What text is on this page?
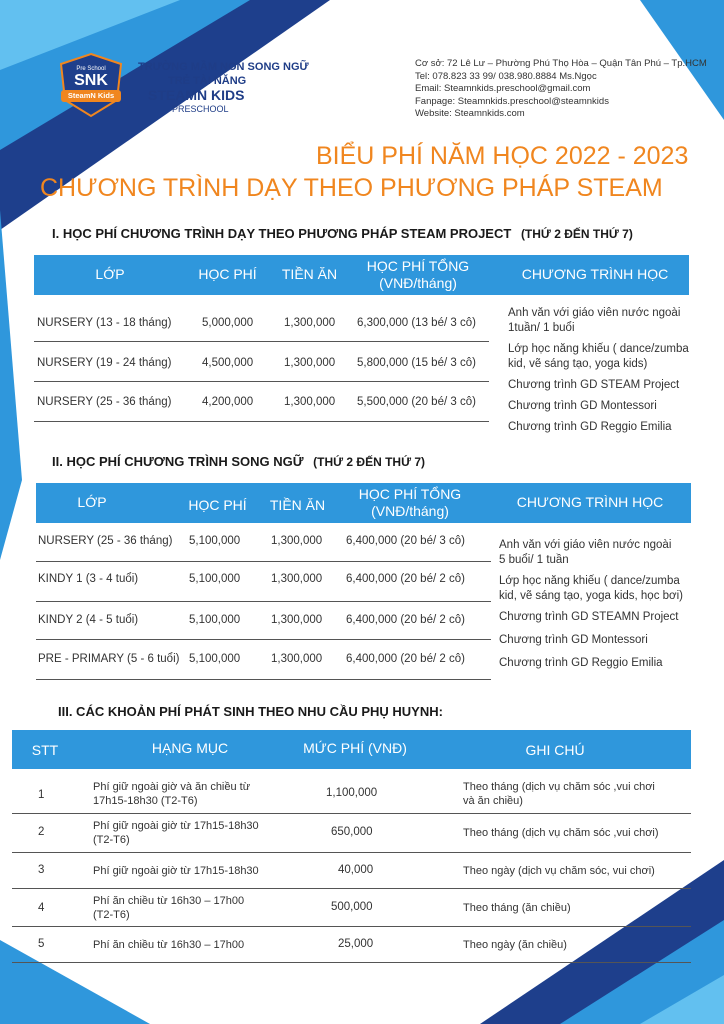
Pre School
SNK
SteamN Kids
TRƯỜNG MẦM NON SONG NGỮ
TRẺ TÀI NĂNG
STEAMN KIDS
PRESCHOOL
Cơ sở: 72 Lê Lư – Phường Phú Thọ Hòa – Quận Tân Phú – Tp.HCM
Tel: 078.823 33 99/ 038.980.8884 Ms.Ngọc
Email: Steamnkids.preschool@gmail.com
Fanpage: Steamnkids.preschool@steamnkids
Website: Steamnkids.com
BIỂU PHÍ NĂM HỌC 2022 - 2023
CHƯƠNG TRÌNH DẠY THEO PHƯƠNG PHÁP STEAM
I. HỌC PHÍ CHƯƠNG TRÌNH DẠY THEO PHƯƠNG PHÁP STEAM PROJECT (THỨ 2 ĐẾN THỨ 7)
LỚP	HỌC PHÍ	TIỀN ĂN	HỌC PHÍ TỔNG
(VNĐ/tháng)
CHƯƠNG TRÌNH HỌC
NURSERY (13 - 18 tháng)	5,000,000	1,300,000 6,300,000 (13 bé/ 3 cô)
NURSERY (19 - 24 tháng)	4,500,000	1,300,000 5,800,000 (15 bé/ 3 cô)
NURSERY (25 - 36 tháng)	4,200,000	1,300,000 5,500,000 (20 bé/ 3 cô)
Anh văn với giáo viên nước ngoài
1tuần/ 1 buổi
Lớp học năng khiếu ( dance/zumba
kid, vẽ sáng tạo, yoga kids)
Chương trình GD STEAM Project
Chương trình GD Montessori
Chương trình GD Reggio Emilia
II. HỌC PHÍ CHƯƠNG TRÌNH SONG NGỮ (THỨ 2 ĐẾN THỨ 7)
LỚP	HỌC PHÍ	TIỀN ĂN
HỌC PHÍ TỔNG
(VNĐ/tháng)
CHƯƠNG TRÌNH HỌC
NURSERY (25 - 36 tháng) 5,100,000	1,300,000 6,400,000 (20 bé/ 3 cô)
KINDY 1 (3 - 4 tuổi)	5,100,000	1,300,000 6,400,000 (20 bé/ 2 cô)
KINDY 2 (4 - 5 tuổi)	5,100,000	1,300,000 6,400,000 (20 bé/ 2 cô)
PRE - PRIMARY (5 - 6 tuổi) 5,100,000	1,300,000 6,400,000 (20 bé/ 2 cô)
Anh văn với giáo viên nước ngoài
5 buổi/ 1 tuần
Lớp học năng khiếu ( dance/zumba
kid, vẽ sáng tạo, yoga kids, học bơi)
Chương trình GD STEAMN Project
Chương trình GD Montessori
Chương trình GD Reggio Emilia
III. CÁC KHOẢN PHÍ PHÁT SINH THEO NHU CẦU PHỤ HUYNH:
STT	HẠNG MỤC	MỨC PHÍ (VNĐ)	GHI CHÚ
1
Phí giữ ngoài giờ và ăn chiều từ
17h15-18h30 (T2-T6)
1,100,000	Theo tháng (dịch vụ chăm sóc ,vui chơi
và ăn chiều)
2	Phí giữ ngoài giờ từ 17h15-18h30
(T2-T6)
650,000	Theo tháng (dịch vụ chăm sóc ,vui chơi)
3	Phí giữ ngoài giờ từ 17h15-18h30	40,000	Theo ngày (dịch vụ chăm sóc, vui chơi)
4
Phí ăn chiều từ 16h30 – 17h00
(T2-T6)
500,000	Theo tháng (ăn chiều)
5	Phí ăn chiều từ 16h30 – 17h00	25,000	Theo ngày (ăn chiều)
